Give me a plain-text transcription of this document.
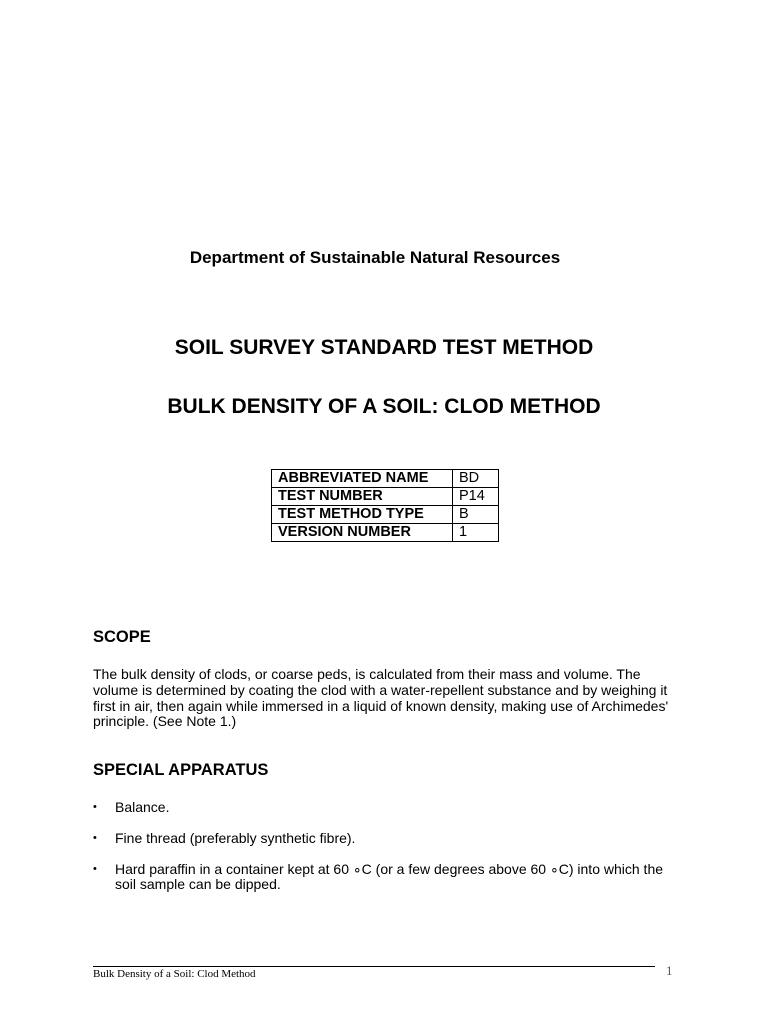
Department of Sustainable Natural Resources
SOIL SURVEY STANDARD TEST METHOD
BULK DENSITY OF A SOIL: CLOD METHOD
ABBREVIATED NAME	BD
TEST NUMBER	P14
TEST METHOD TYPE	B
VERSION NUMBER	1
SCOPE
The bulk density of clods, or coarse peds, is calculated from their mass and volume. The volume is determined by coating the clod with a water-repellent substance and by weighing it first in air, then again while immersed in a liquid of known density, making use of Archimedes' principle. (See Note 1.)
SPECIAL APPARATUS
• Balance.
• Fine thread (preferably synthetic fibre).
• Hard paraffin in a container kept at 60 ∘C (or a few degrees above 60 ∘C) into which the soil sample can be dipped.
Bulk Density of a Soil: Clod Method	1
